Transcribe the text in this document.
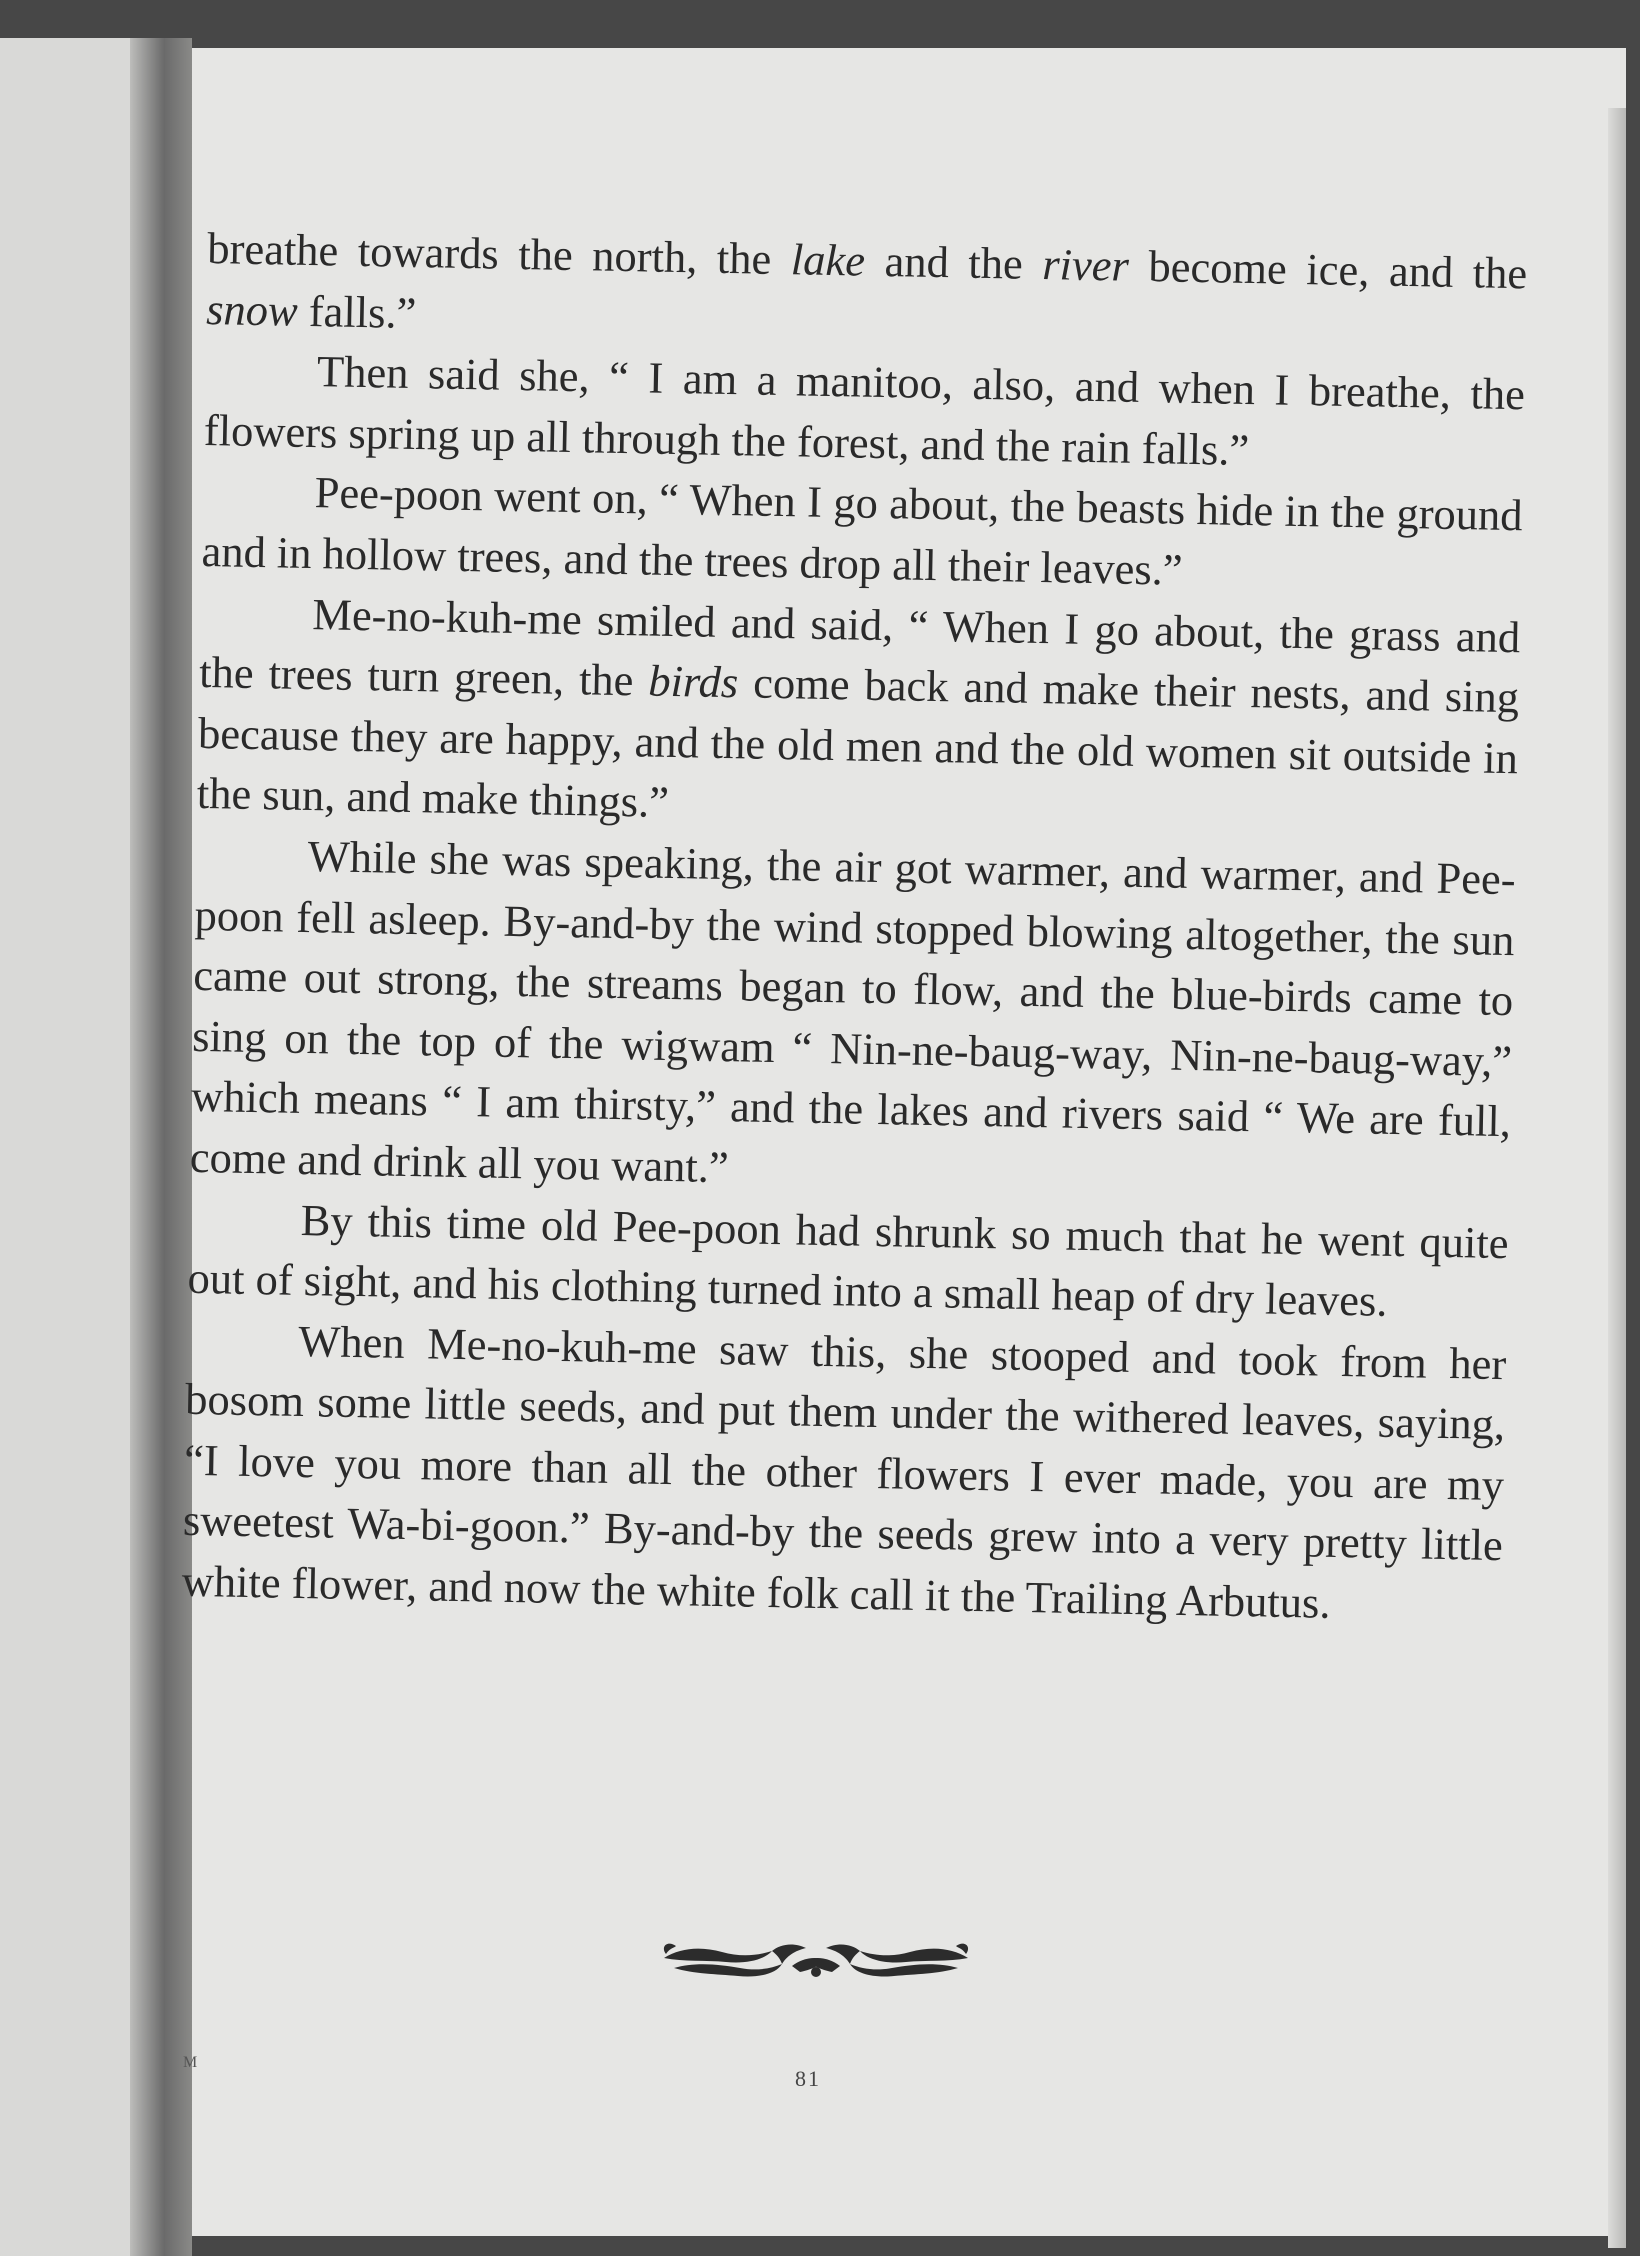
breathe towards the north, the lake and the river become ice, and the snow falls.”

Then said she, “ I am a manitoo, also, and when I breathe, the flowers spring up all through the forest, and the rain falls.”

Pee-poon went on, “ When I go about, the beasts hide in the ground and in hollow trees, and the trees drop all their leaves.”

Me-no-kuh-me smiled and said, “ When I go about, the grass and the trees turn green, the birds come back and make their nests, and sing because they are happy, and the old men and the old women sit outside in the sun, and make things.”

While she was speaking, the air got warmer, and warmer, and Pee-poon fell asleep. By-and-by the wind stopped blowing altogether, the sun came out strong, the streams began to flow, and the blue-birds came to sing on the top of the wigwam “ Nin-ne-baug-way, Nin-ne-baug-way,” which means “ I am thirsty,” and the lakes and rivers said “ We are full, come and drink all you want.”

By this time old Pee-poon had shrunk so much that he went quite out of sight, and his clothing turned into a small heap of dry leaves.

When Me-no-kuh-me saw this, she stooped and took from her bosom some little seeds, and put them under the withered leaves, saying, “I love you more than all the other flowers I ever made, you are my sweetest Wa-bi-goon.” By-and-by the seeds grew into a very pretty little white flower, and now the white folk call it the Trailing Arbutus.

M
81
